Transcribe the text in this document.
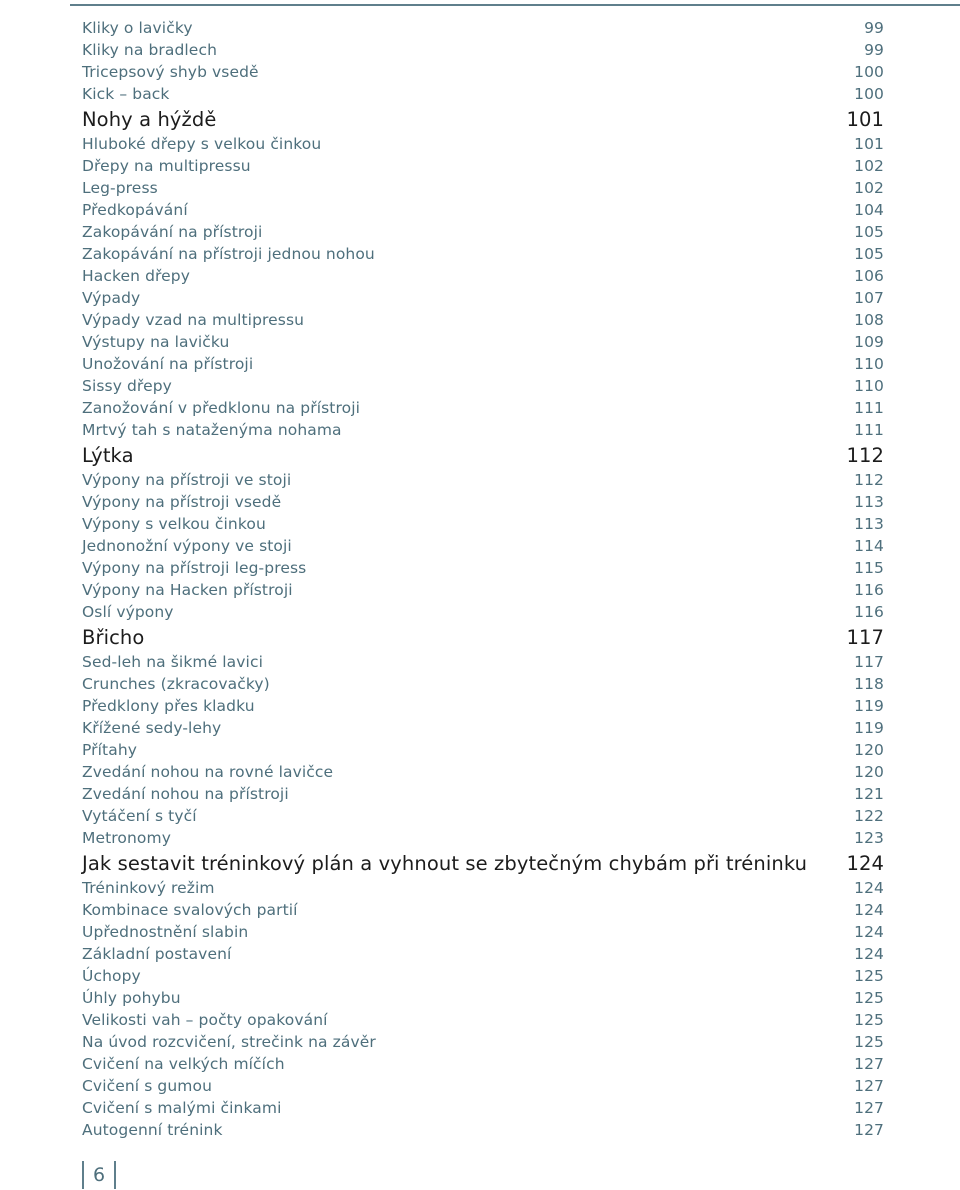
Kliky o lavičky	99
Kliky na bradlech	99
Tricepsový shyb vsedě	100
Kick – back	100
Nohy a hýždě	101
Hluboké dřepy s velkou činkou	101
Dřepy na multipressu	102
Leg-press	102
Předkopávání	104
Zakopávání na přístroji	105
Zakopávání na přístroji jednou nohou	105
Hacken dřepy	106
Výpady	107
Výpady vzad na multipressu	108
Výstupy na lavičku	109
Unožování na přístroji	110
Sissy dřepy	110
Zanožování v předklonu na přístroji	111
Mrtvý tah s nataženýma nohama	111
Lýtka	112
Výpony na přístroji ve stoji	112
Výpony na přístroji vsedě	113
Výpony s velkou činkou	113
Jednonožní výpony ve stoji	114
Výpony na přístroji leg-press	115
Výpony na Hacken přístroji	116
Oslí výpony	116
Břicho	117
Sed-leh na šikmé lavici	117
Crunches (zkracovačky)	118
Předklony přes kladku	119
Křížené sedy-lehy	119
Přítahy	120
Zvedání nohou na rovné lavičce	120
Zvedání nohou na přístroji	121
Vytáčení s tyčí	122
Metronomy	123
Jak sestavit tréninkový plán a vyhnout se zbytečným chybám při tréninku 124
Tréninkový režim	124
Kombinace svalových partií	124
Upřednostnění slabin	124
Základní postavení	124
Úchopy	125
Úhly pohybu	125
Velikosti vah – počty opakování	125
Na úvod rozcvičení, strečink na závěr	125
Cvičení na velkých míčích	127
Cvičení s gumou	127
Cvičení s malými činkami	127
Autogenní trénink	127
6
